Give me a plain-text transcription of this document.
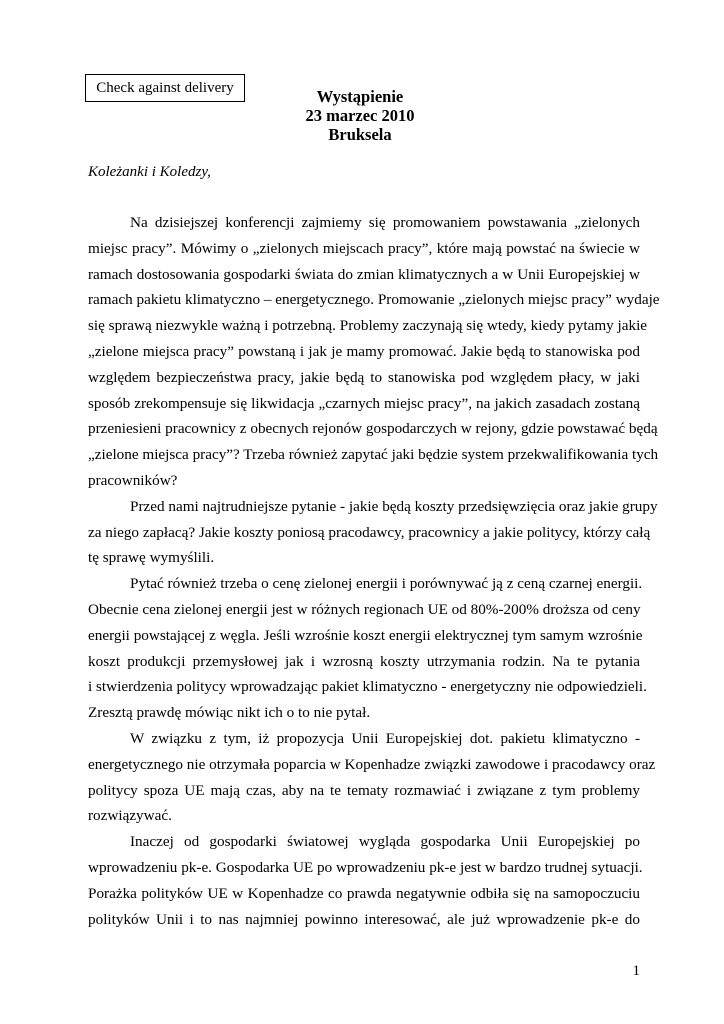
Check against delivery	Wystąpienie
23 marzec 2010
Bruksela
Koleżanki i Koledzy,
Na dzisiejszej konferencji zajmiemy się promowaniem powstawania „zielonych
miejsc pracy”. Mówimy o „zielonych miejscach pracy”, które mają powstać na świecie w
ramach dostosowania gospodarki świata do zmian klimatycznych a w Unii Europejskiej w
ramach pakietu klimatyczno – energetycznego. Promowanie „zielonych miejsc pracy” wydaje
się sprawą niezwykle ważną i potrzebną. Problemy zaczynają się wtedy, kiedy pytamy jakie
„zielone miejsca pracy” powstaną i jak je mamy promować. Jakie będą to stanowiska pod
względem bezpieczeństwa pracy, jakie będą to stanowiska pod względem płacy, w jaki
sposób zrekompensuje się likwidacja „czarnych miejsc pracy”, na jakich zasadach zostaną
przeniesieni pracownicy z obecnych rejonów gospodarczych w rejony, gdzie powstawać będą
„zielone miejsca pracy”? Trzeba również zapytać jaki będzie system przekwalifikowania tych
pracowników?
Przed nami najtrudniejsze pytanie - jakie będą koszty przedsięwzięcia oraz jakie grupy
za niego zapłacą? Jakie koszty poniosą pracodawcy, pracownicy a jakie politycy, którzy całą
tę sprawę wymyślili.
Pytać również trzeba o cenę zielonej energii i porównywać ją z ceną czarnej energii.
Obecnie cena zielonej energii jest w różnych regionach UE od 80%-200% droższa od ceny
energii powstającej z węgla. Jeśli wzrośnie koszt energii elektrycznej tym samym wzrośnie
koszt produkcji przemysłowej jak i wzrosną koszty utrzymania rodzin. Na te pytania
i stwierdzenia politycy wprowadzając pakiet klimatyczno - energetyczny nie odpowiedzieli.
Zresztą prawdę mówiąc nikt ich o to nie pytał.
W związku z tym, iż propozycja Unii Europejskiej dot. pakietu klimatyczno -
energetycznego nie otrzymała poparcia w Kopenhadze związki zawodowe i pracodawcy oraz
politycy spoza UE mają czas, aby na te tematy rozmawiać i związane z tym problemy
rozwiązywać.
Inaczej od gospodarki światowej wygląda gospodarka Unii Europejskiej po
wprowadzeniu pk-e. Gospodarka UE po wprowadzeniu pk-e jest w bardzo trudnej sytuacji.
Porażka polityków UE w Kopenhadze co prawda negatywnie odbiła się na samopoczuciu
polityków Unii i to nas najmniej powinno interesować, ale już wprowadzenie pk-e do
1
